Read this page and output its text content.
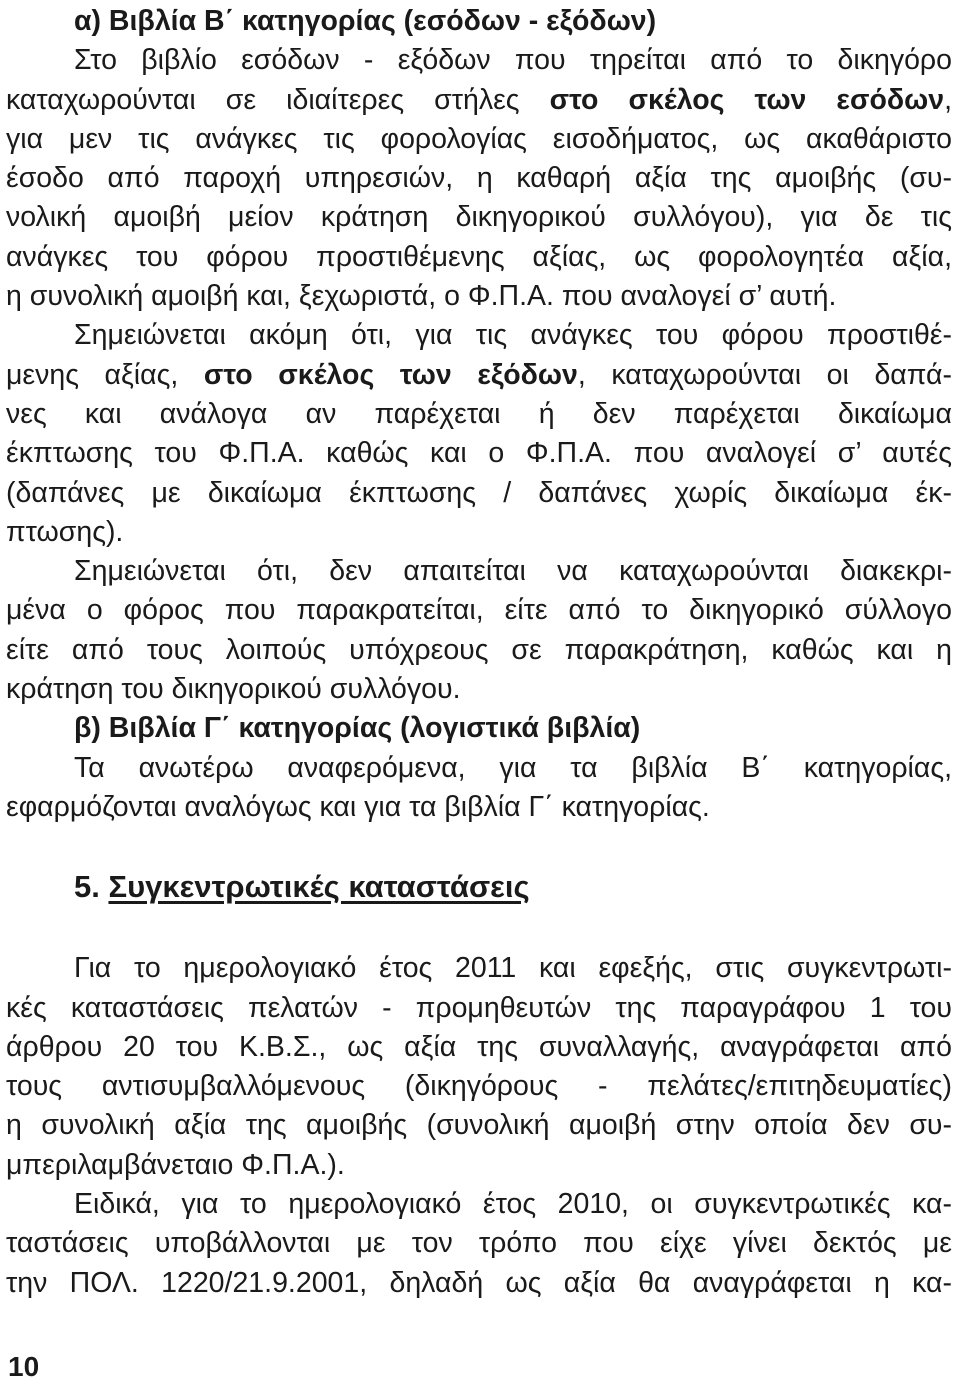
α) Βιβλία Β΄ κατηγορίας (εσόδων - εξόδων)
Στο βιβλίο εσόδων - εξόδων που τηρείται από το δικηγόρο
καταχωρούνται σε ιδιαίτερες στήλες στο σκέλος των εσόδων,
για μεν τις ανάγκες τις φορολογίας εισοδήματος, ως ακαθάριστο
έσοδο από παροχή υπηρεσιών, η καθαρή αξία της αμοιβής (συ-
νολική αμοιβή μείον κράτηση δικηγορικού συλλόγου), για δε τις
ανάγκες του φόρου προστιθέμενης αξίας, ως φορολογητέα αξία,
η συνολική αμοιβή και, ξεχωριστά, ο Φ.Π.Α. που αναλογεί σ’ αυτή.
Σημειώνεται ακόμη ότι, για τις ανάγκες του φόρου προστιθέ-
μενης αξίας, στο σκέλος των εξόδων, καταχωρούνται οι δαπά-
νες και ανάλογα αν παρέχεται ή δεν παρέχεται δικαίωμα
έκπτωσης του Φ.Π.Α. καθώς και ο Φ.Π.Α. που αναλογεί σ’ αυτές
(δαπάνες με δικαίωμα έκπτωσης / δαπάνες χωρίς δικαίωμα έκ-
πτωσης).
Σημειώνεται ότι, δεν απαιτείται να καταχωρούνται διακεκρι-
μένα ο φόρος που παρακρατείται, είτε από το δικηγορικό σύλλογο
είτε από τους λοιπούς υπόχρεους σε παρακράτηση, καθώς και η
κράτηση του δικηγορικού συλλόγου.
β) Βιβλία Γ΄ κατηγορίας (λογιστικά βιβλία)
Τα ανωτέρω αναφερόμενα, για τα βιβλία Β΄ κατηγορίας,
εφαρμόζονται αναλόγως και για τα βιβλία Γ΄ κατηγορίας.
5. Συγκεντρωτικές καταστάσεις
Για το ημερολογιακό έτος 2011 και εφεξής, στις συγκεντρωτι-
κές καταστάσεις πελατών - προμηθευτών της παραγράφου 1 του
άρθρου 20 του Κ.Β.Σ., ως αξία της συναλλαγής, αναγράφεται από
τους αντισυμβαλλόμενους (δικηγόρους - πελάτες/επιτηδευματίες)
η συνολική αξία της αμοιβής (συνολική αμοιβή στην οποία δεν συ-
μπεριλαμβάνεταιο Φ.Π.Α.).
Ειδικά, για το ημερολογιακό έτος 2010, οι συγκεντρωτικές κα-
ταστάσεις υποβάλλονται με τον τρόπο που είχε γίνει δεκτός με
την ΠΟΛ. 1220/21.9.2001, δηλαδή ως αξία θα αναγράφεται η κα-
10
